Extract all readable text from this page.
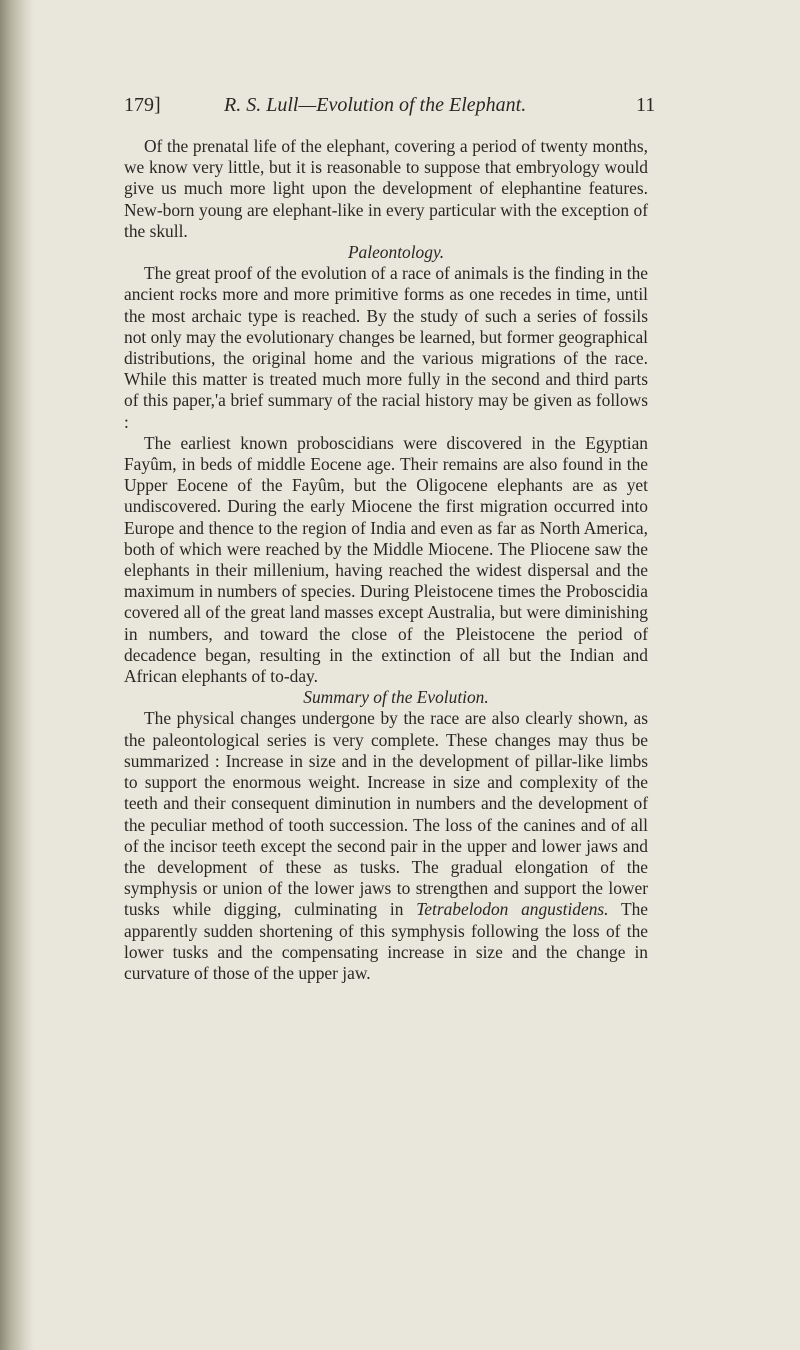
179]	R. S. Lull—Evolution of the Elephant.	11

Of the prenatal life of the elephant, covering a period of twenty months, we know very little, but it is reasonable to suppose that embryology would give us much more light upon the development of elephantine features. New-born young are elephant-like in every particular with the exception of the skull.

Paleontology.

The great proof of the evolution of a race of animals is the finding in the ancient rocks more and more primitive forms as one recedes in time, until the most archaic type is reached. By the study of such a series of fossils not only may the evolutionary changes be learned, but former geographical distributions, the original home and the various migrations of the race. While this matter is treated much more fully in the second and third parts of this paper,'a brief summary of the racial history may be given as follows :

The earliest known proboscidians were discovered in the Egyptian Fayûm, in beds of middle Eocene age. Their remains are also found in the Upper Eocene of the Fayûm, but the Oligocene elephants are as yet undiscovered. During the early Miocene the first migration occurred into Europe and thence to the region of India and even as far as North America, both of which were reached by the Middle Miocene. The Pliocene saw the elephants in their millenium, having reached the widest dispersal and the maximum in numbers of species. During Pleistocene times the Proboscidia covered all of the great land masses except Australia, but were diminishing in numbers, and toward the close of the Pleistocene the period of decadence began, resulting in the extinction of all but the Indian and African elephants of to-day.

Summary of the Evolution.

The physical changes undergone by the race are also clearly shown, as the paleontological series is very complete. These changes may thus be summarized : Increase in size and in the development of pillar-like limbs to support the enormous weight. Increase in size and complexity of the teeth and their consequent diminution in numbers and the development of the peculiar method of tooth succession. The loss of the canines and of all of the incisor teeth except the second pair in the upper and lower jaws and the development of these as tusks. The gradual elongation of the symphysis or union of the lower jaws to strengthen and support the lower tusks while digging, culminating in Tetrabelodon angustidens. The apparently sudden shortening of this symphysis following the loss of the lower tusks and the compensating increase in size and the change in curvature of those of the upper jaw.
